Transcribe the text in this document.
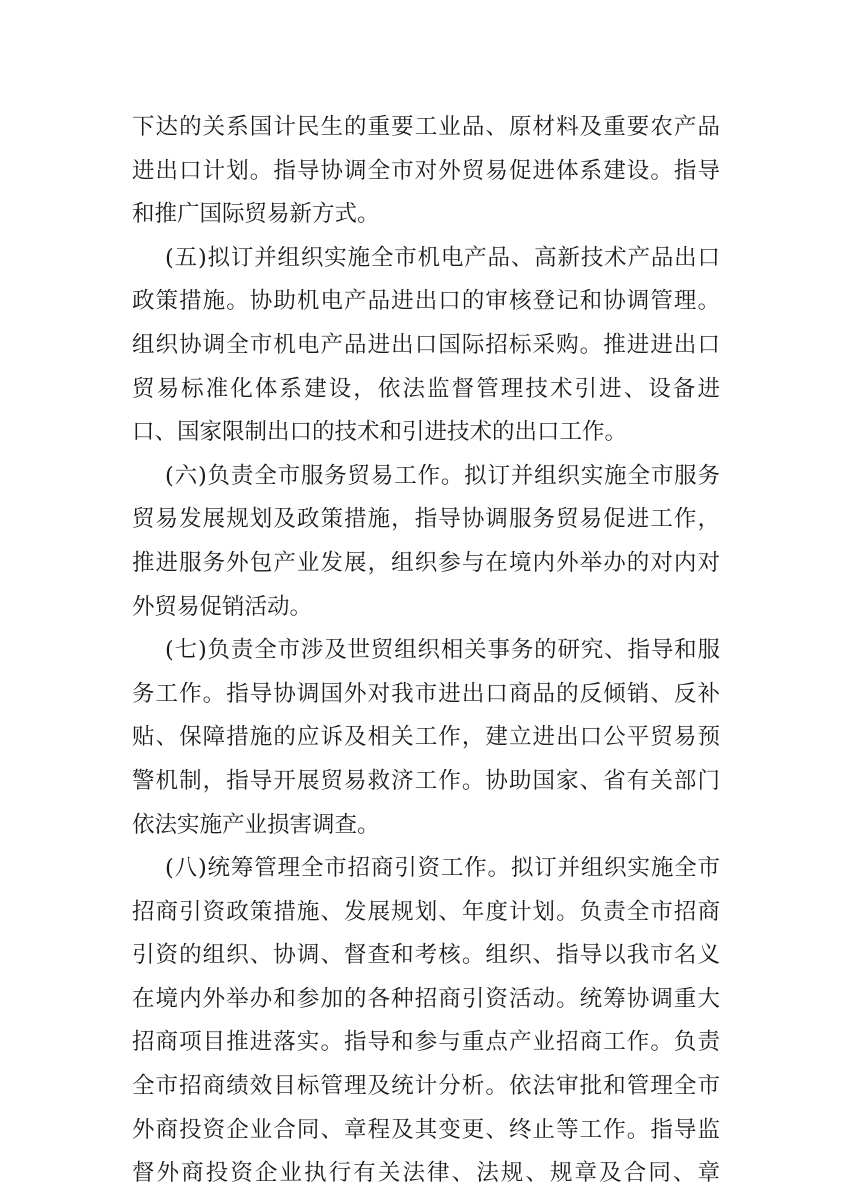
下达的关系国计民生的重要工业品、原材料及重要农产品
进出口计划。指导协调全市对外贸易促进体系建设。指导
和推广国际贸易新方式。
(五)拟订并组织实施全市机电产品、高新技术产品出口
政策措施。协助机电产品进出口的审核登记和协调管理。
组织协调全市机电产品进出口国际招标采购。推进进出口
贸易标准化体系建设，依法监督管理技术引进、设备进
口、国家限制出口的技术和引进技术的出口工作。
(六)负责全市服务贸易工作。拟订并组织实施全市服务
贸易发展规划及政策措施，指导协调服务贸易促进工作，
推进服务外包产业发展，组织参与在境内外举办的对内对
外贸易促销活动。
(七)负责全市涉及世贸组织相关事务的研究、指导和服
务工作。指导协调国外对我市进出口商品的反倾销、反补
贴、保障措施的应诉及相关工作，建立进出口公平贸易预
警机制，指导开展贸易救济工作。协助国家、省有关部门
依法实施产业损害调查。
(八)统筹管理全市招商引资工作。拟订并组织实施全市
招商引资政策措施、发展规划、年度计划。负责全市招商
引资的组织、协调、督查和考核。组织、指导以我市名义
在境内外举办和参加的各种招商引资活动。统筹协调重大
招商项目推进落实。指导和参与重点产业招商工作。负责
全市招商绩效目标管理及统计分析。依法审批和管理全市
外商投资企业合同、章程及其变更、终止等工作。指导监
督外商投资企业执行有关法律、法规、规章及合同、章
